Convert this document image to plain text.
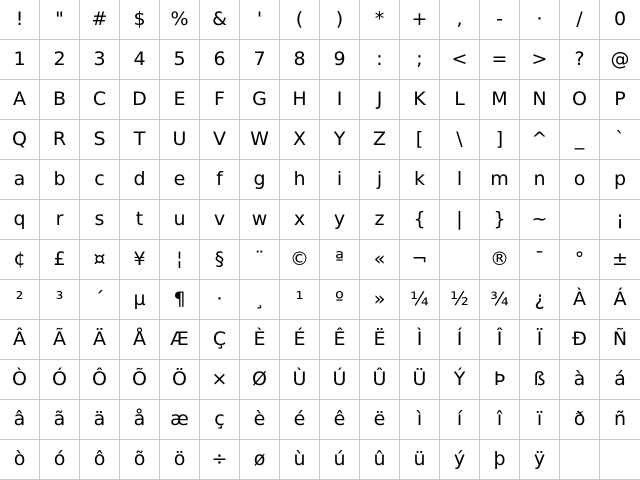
! " # $ % & ' ( ) * + , - · / 0
1 2 3 4 5 6 7 8 9 : ; < = > ? @
A B C D E F G H I J K L M N O P
Q R S T U V W X Y Z [ \ ] ^ _ `
a b c d e f g h i j k l m n o p
q r s t u v w x y z { | } ~	¡
¢ £ ¤ ¥ ¦ § ¨ © ª « ¬	® ¯ ° ±
² ³ ´ µ ¶ · ¸ ¹ º » ¼ ½ ¾ ¿ À Á
Â Ã Ä Å Æ Ç È É Ê Ë Ì Í Î Ï Ð Ñ
Ò Ó Ô Õ Ö × Ø Ù Ú Û Ü Ý Þ ß à á
â ã ä å æ ç è é ê ë ì í î ï ð ñ
ò ó ô õ ö ÷ ø ù ú û ü ý þ ÿ
